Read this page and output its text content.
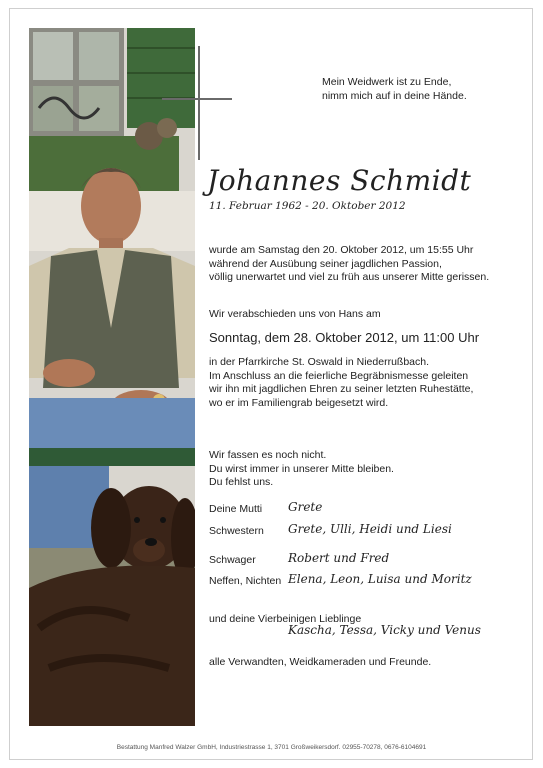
Mein Weidwerk ist zu Ende,
nimm mich auf in deine Hände.
Johannes Schmidt
11. Februar 1962 - 20. Oktober 2012
wurde am Samstag den 20. Oktober 2012, um 15:55 Uhr
während der Ausübung seiner jagdlichen Passion,
völlig unerwartet und viel zu früh aus unserer Mitte gerissen.
Wir verabschieden uns von Hans am
Sonntag, dem 28. Oktober 2012, um 11:00 Uhr
in der Pfarrkirche St. Oswald in Niederrußbach.
Im Anschluss an die feierliche Begräbnismesse geleiten
wir ihn mit jagdlichen Ehren zu seiner letzten Ruhestätte,
wo er im Familiengrab beigesetzt wird.
Wir fassen es noch nicht.
Du wirst immer in unserer Mitte bleiben.
Du fehlst uns.
Deine Mutti Grete
Schwestern Grete, Ulli, Heidi und Liesi
Schwager	Robert und Fred
Neffen, Nichten Elena, Leon, Luisa und Moritz
und deine Vierbeinigen Lieblinge
Kascha, Tessa, Vicky und Venus
alle Verwandten, Weidkameraden und Freunde.
Bestattung Manfred Walzer GmbH, Industriestrasse 1, 3701 Großweikersdorf. 02955-70278, 0676-6104691
